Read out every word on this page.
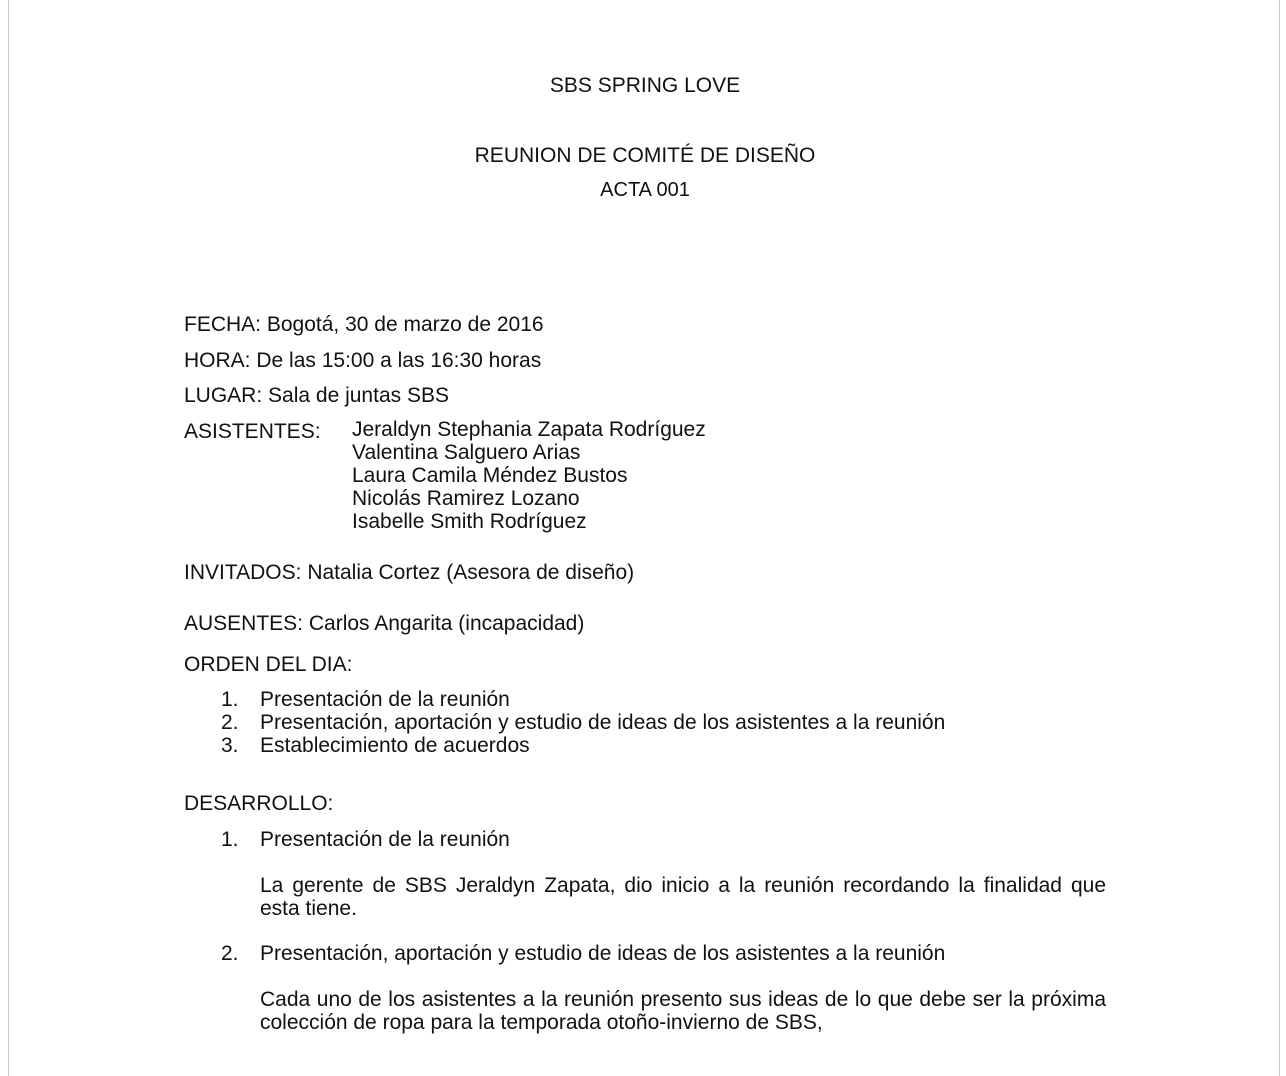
SBS SPRING LOVE
REUNION DE COMITÉ DE DISEÑO
ACTA 001
FECHA: Bogotá, 30 de marzo de 2016
HORA: De las 15:00 a las 16:30 horas
LUGAR: Sala de juntas SBS
ASISTENTES: Jeraldyn Stephania Zapata Rodríguez
Valentina Salguero Arias
Laura Camila Méndez Bustos
Nicolás Ramirez Lozano
Isabelle Smith Rodríguez
INVITADOS: Natalia Cortez (Asesora de diseño)
AUSENTES: Carlos Angarita (incapacidad)
ORDEN DEL DIA:
1.	Presentación de la reunión
2.	Presentación, aportación y estudio de ideas de los asistentes a la reunión
3.	Establecimiento de acuerdos
DESARROLLO:
1.	Presentación de la reunión
La gerente de SBS Jeraldyn Zapata, dio inicio a la reunión recordando la finalidad que esta tiene.
2.	Presentación, aportación y estudio de ideas de los asistentes a la reunión
Cada uno de los asistentes a la reunión presento sus ideas de lo que debe ser la próxima colección de ropa para la temporada otoño-invierno de SBS,
